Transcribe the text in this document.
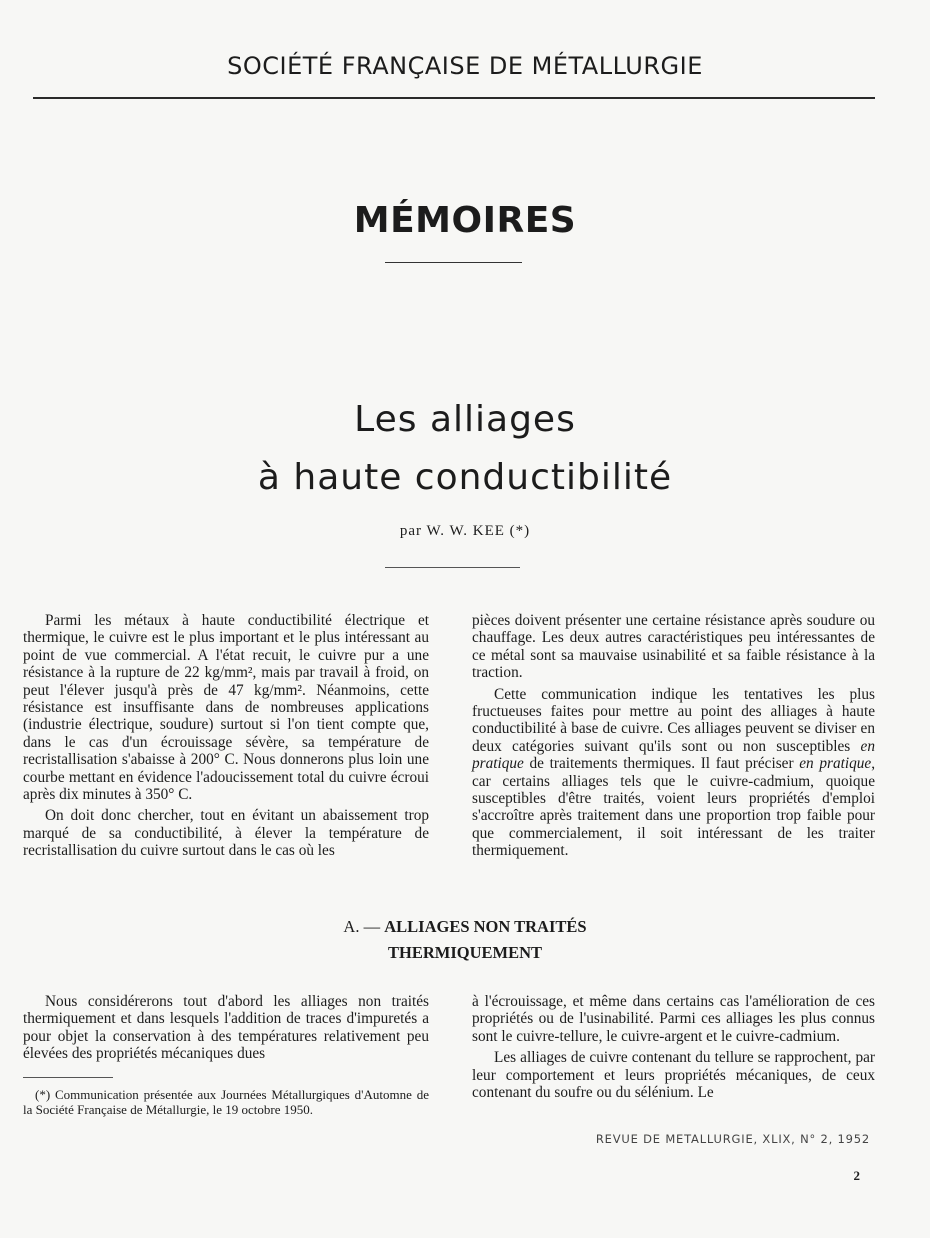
SOCIÉTÉ FRANÇAISE DE MÉTALLURGIE
MÉMOIRES
Les alliages
à haute conductibilité
par W. W. KEE (*)

Parmi les métaux à haute conductibilité électrique et thermique, le cuivre est le plus important et le plus intéressant au point de vue commercial. A l'état recuit, le cuivre pur a une résistance à la rupture de 22 kg/mm², mais par travail à froid, on peut l'élever jusqu'à près de 47 kg/mm². Néanmoins, cette résistance est insuffisante dans de nombreuses applications (industrie électrique, soudure) surtout si l'on tient compte que, dans le cas d'un écrouissage sévère, sa température de recristallisation s'abaisse à 200° C. Nous donnerons plus loin une courbe mettant en évidence l'adoucissement total du cuivre écroui après dix minutes à 350° C.

On doit donc chercher, tout en évitant un abaissement trop marqué de sa conductibilité, à élever la température de recristallisation du cuivre surtout dans le cas où les

pièces doivent présenter une certaine résistance après soudure ou chauffage. Les deux autres caractéristiques peu intéressantes de ce métal sont sa mauvaise usinabilité et sa faible résistance à la traction.

Cette communication indique les tentatives les plus fructueuses faites pour mettre au point des alliages à haute conductibilité à base de cuivre. Ces alliages peuvent se diviser en deux catégories suivant qu'ils sont ou non susceptibles en pratique de traitements thermiques. Il faut préciser en pratique, car certains alliages tels que le cuivre-cadmium, quoique susceptibles d'être traités, voient leurs propriétés d'emploi s'accroître après traitement dans une proportion trop faible pour que commercialement, il soit intéressant de les traiter thermiquement.

A. — ALLIAGES NON TRAITÉS
THERMIQUEMENT

Nous considérerons tout d'abord les alliages non traités thermiquement et dans lesquels l'addition de traces d'impuretés a pour objet la conservation à des températures relativement peu élevées des propriétés mécaniques dues

à l'écrouissage, et même dans certains cas l'amélioration de ces propriétés ou de l'usinabilité. Parmi ces alliages les plus connus sont le cuivre-tellure, le cuivre-argent et le cuivre-cadmium.

Les alliages de cuivre contenant du tellure se rapprochent, par leur comportement et leurs propriétés mécaniques, de ceux contenant du soufre ou du sélénium. Le

(*) Communication présentée aux Journées Métallurgiques d'Automne de la Société Française de Métallurgie, le 19 octobre 1950.

REVUE DE METALLURGIE, XLIX, N° 2, 1952
2
